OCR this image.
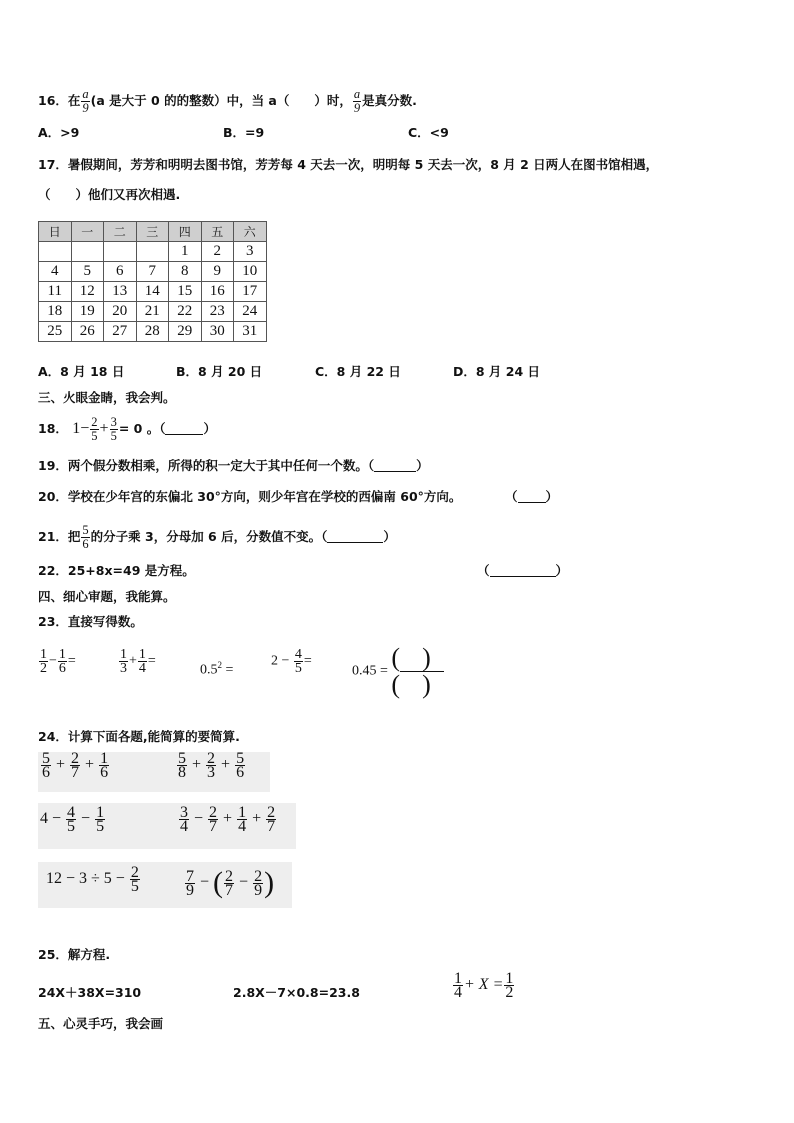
16．在 $\frac{a}{9} (a$ 是大于 0 的的整数）中，当 a（　　）时， $\frac{a}{9}$ 是真分数.
A．>9	B．=9	C．<9
17．暑假期间，芳芳和明明去图书馆，芳芳每 4 天去一次，明明每 5 天去一次，8 月 2 日两人在图书馆相遇，
（　　）他们又再次相遇.
日	一	二	三	四	五	六
				1	2	3
4	5	6	7	8	9	10
11	12	13	14	15	16	17
18	19	20	21	22	23	24
25	26	27	28	29	30	31
A．8 月 18 日	B．8 月 20 日	C．8 月 22 日	D．8 月 24 日
三、火眼金睛，我会判。
18． $1- \frac{2}{5} + \frac{3}{5} = 0$ 。（	）
19．两个假分数相乘，所得的积一定大于其中任何一个数。（	）
20．学校在少年宫的东偏北 30°方向，则少年宫在学校的西偏南 60°方向。	（ ）
21．把 $\frac{5}{6}$ 的分子乘 3，分母加 6 后，分数值不变。（	）
22．25+8x=49 是方程。	（	）
四、细心审题，我能算。
23．直接写得数。
$\frac{1}{2} - \frac{1}{6}$ =	$\frac{1}{3} + \frac{1}{4}$ =
$0.5^2$ =
$2 - \frac{4}{5}$ =
0.45 = ()
()
24．计算下面各题,能简算的要简算.
$\frac{5}{6} + \frac{2}{7} + \frac{1}{6}$	$\frac{5}{8} + \frac{2}{3} + \frac{5}{6}$
$4 - \frac{4}{5} - \frac{1}{5}$	$\frac{3}{4} - \frac{2}{7} + \frac{1}{4} + \frac{2}{7}$
$12 - 3 \div 5 - \frac{2}{5}$	$\frac{7}{9}$ − ( $\frac{2}{7} - \frac{2}{9}$ )
25．解方程.
24X＋38X=310	2.8X－7×0.8=23.8	$\frac{1}{4} + X = \frac{1}{2}$
五、心灵手巧，我会画
